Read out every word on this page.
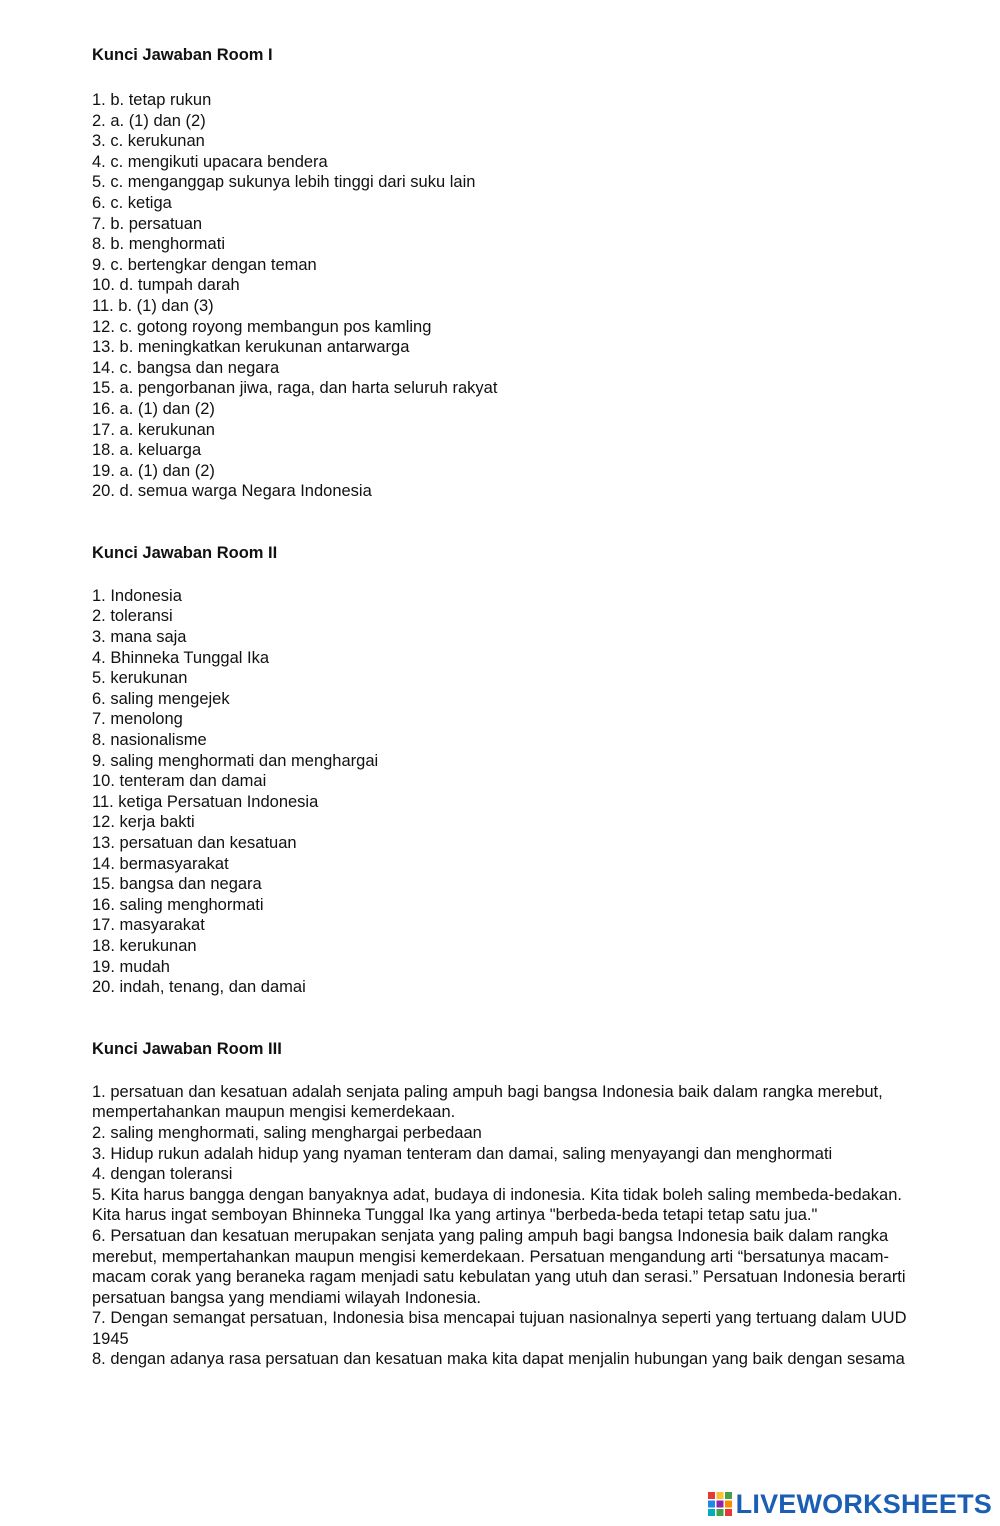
Kunci Jawaban Room I

1. b. tetap rukun
2. a. (1) dan (2)
3. c. kerukunan
4. c. mengikuti upacara bendera
5. c. menganggap sukunya lebih tinggi dari suku lain
6. c. ketiga
7. b. persatuan
8. b. menghormati
9. c. bertengkar dengan teman
10. d. tumpah darah
11. b. (1) dan (3)
12. c. gotong royong membangun pos kamling
13. b. meningkatkan kerukunan antarwarga
14. c. bangsa dan negara
15. a. pengorbanan jiwa, raga, dan harta seluruh rakyat
16. a. (1) dan (2)
17. a. kerukunan
18. a. keluarga
19. a. (1) dan (2)
20. d. semua warga Negara Indonesia

Kunci Jawaban Room II

1. Indonesia
2. toleransi
3. mana saja
4. Bhinneka Tunggal Ika
5. kerukunan
6. saling mengejek
7. menolong
8. nasionalisme
9. saling menghormati dan menghargai
10. tenteram dan damai
11. ketiga Persatuan Indonesia
12. kerja bakti
13. persatuan dan kesatuan
14. bermasyarakat
15. bangsa dan negara
16. saling menghormati
17. masyarakat
18. kerukunan
19. mudah
20. indah, tenang, dan damai

Kunci Jawaban Room III

1. persatuan dan kesatuan adalah senjata paling ampuh bagi bangsa Indonesia baik dalam rangka merebut, mempertahankan maupun mengisi kemerdekaan.
2. saling menghormati, saling menghargai perbedaan
3. Hidup rukun adalah hidup yang nyaman tenteram dan damai, saling menyayangi dan menghormati
4. dengan toleransi
5. Kita harus bangga dengan banyaknya adat, budaya di indonesia. Kita tidak boleh saling membeda-bedakan. Kita harus ingat semboyan Bhinneka Tunggal Ika yang artinya "berbeda-beda tetapi tetap satu jua."
6. Persatuan dan kesatuan merupakan senjata yang paling ampuh bagi bangsa Indonesia baik dalam rangka merebut, mempertahankan maupun mengisi kemerdekaan. Persatuan mengandung arti “bersatunya macam-macam corak yang beraneka ragam menjadi satu kebulatan yang utuh dan serasi.” Persatuan Indonesia berarti persatuan bangsa yang mendiami wilayah Indonesia.
7. Dengan semangat persatuan, Indonesia bisa mencapai tujuan nasionalnya seperti yang tertuang dalam UUD 1945
8. dengan adanya rasa persatuan dan kesatuan maka kita dapat menjalin hubungan yang baik dengan sesama
LIVEWORKSHEETS
